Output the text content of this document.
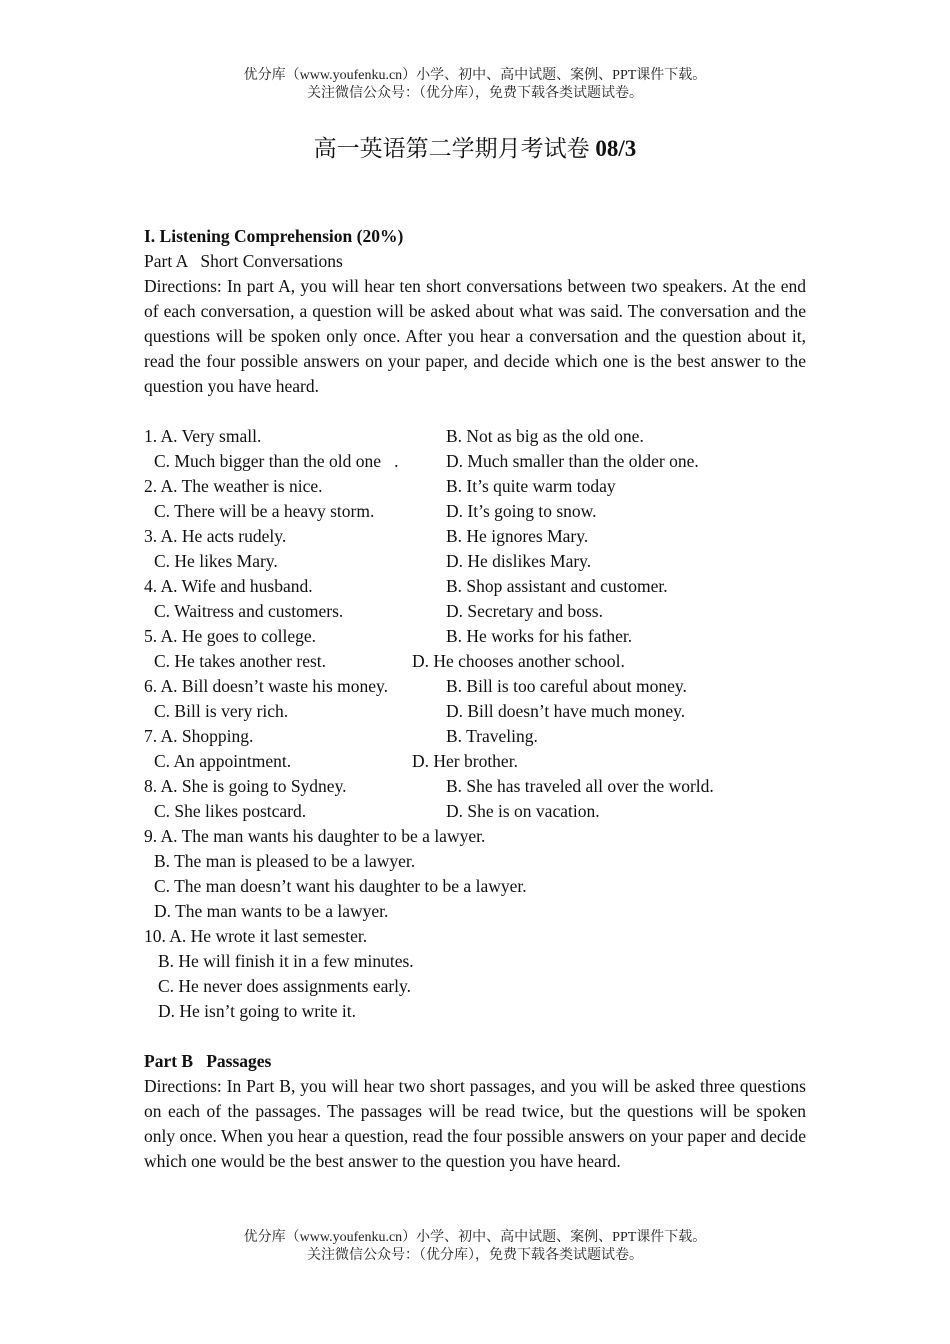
优分库（www.youfenku.cn）小学、初中、高中试题、案例、PPT课件下载。
关注微信公众号：（优分库），免费下载各类试题试卷。
高一英语第二学期月考试卷 08/3
I. Listening Comprehension (20%)
Part A   Short Conversations
Directions: In part A, you will hear ten short conversations between two speakers. At the end of each conversation, a question will be asked about what was said. The conversation and the questions will be spoken only once. After you hear a conversation and the question about it, read the four possible answers on your paper, and decide which one is the best answer to the question you have heard.
1. A. Very small.	B. Not as big as the old one.
C. Much bigger than the old one   .	D. Much smaller than the older one.
2. A. The weather is nice.	B. It’s quite warm today
C. There will be a heavy storm.	D. It’s going to snow.
3. A. He acts rudely.	B. He ignores Mary.
C. He likes Mary.	D. He dislikes Mary.
4. A. Wife and husband.	B. Shop assistant and customer.
C. Waitress and customers.	D. Secretary and boss.
5. A. He goes to college.	B. He works for his father.
C. He takes another rest.	D. He chooses another school.
6. A. Bill doesn’t waste his money.	B. Bill is too careful about money.
C. Bill is very rich.	D. Bill doesn’t have much money.
7. A. Shopping.	B. Traveling.
C. An appointment.	D. Her brother.
8. A. She is going to Sydney.	B. She has traveled all over the world.
C. She likes postcard.	D. She is on vacation.
9. A. The man wants his daughter to be a lawyer.
B. The man is pleased to be a lawyer.
C. The man doesn’t want his daughter to be a lawyer.
D. The man wants to be a lawyer.
10. A. He wrote it last semester.
B. He will finish it in a few minutes.
C. He never does assignments early.
D. He isn’t going to write it.
Part B   Passages
Directions: In Part B, you will hear two short passages, and you will be asked three questions on each of the passages. The passages will be read twice, but the questions will be spoken only once. When you hear a question, read the four possible answers on your paper and decide which one would be the best answer to the question you have heard.
优分库（www.youfenku.cn）小学、初中、高中试题、案例、PPT课件下载。
关注微信公众号：（优分库），免费下载各类试题试卷。
